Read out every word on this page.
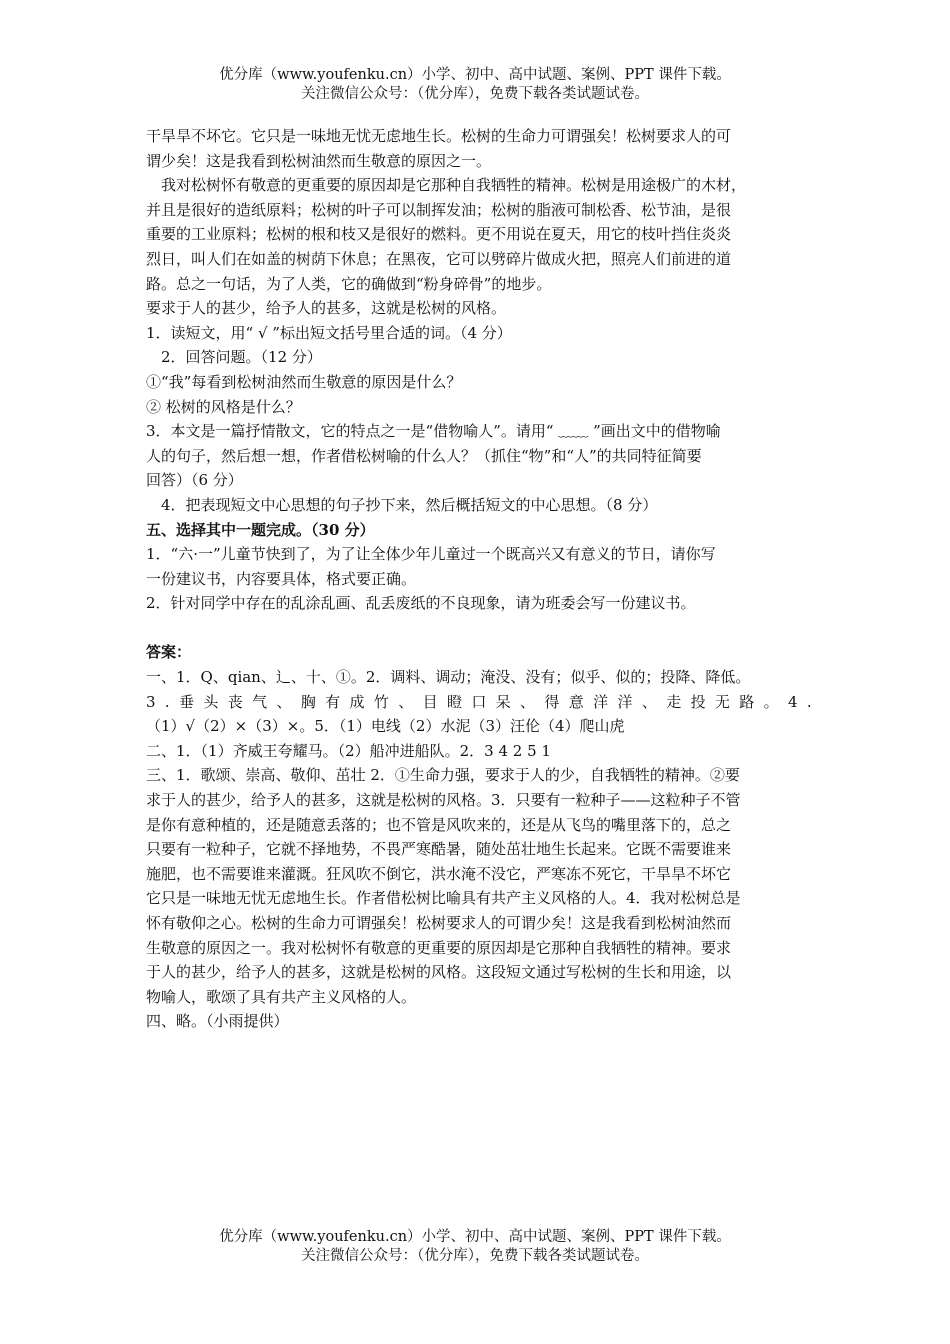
优分库（www.youfenku.cn）小学、初中、高中试题、案例、PPT 课件下载。
关注微信公众号：（优分库），免费下载各类试题试卷。

干旱旱不坏它。它只是一味地无忧无虑地生长。松树的生命力可谓强矣！松树要求人的可

谓少矣！这是我看到松树油然而生敬意的原因之一。

我对松树怀有敬意的更重要的原因却是它那种自我牺牲的精神。松树是用途极广的木材，

并且是很好的造纸原料；松树的叶子可以制挥发油；松树的脂液可制松香、松节油，是很

重要的工业原料；松树的根和枝又是很好的燃料。更不用说在夏天，用它的枝叶挡住炎炎

烈日，叫人们在如盖的树荫下休息；在黑夜，它可以劈碎片做成火把，照亮人们前进的道

路。总之一句话，为了人类，它的确做到“粉身碎骨”的地步。

要求于人的甚少，给予人的甚多，这就是松树的风格。

1．读短文，用“ √ ”标出短文括号里合适的词。（4 分）

2．回答问题。（12 分）

①“我”每看到松树油然而生敬意的原因是什么？

② 松树的风格是什么？

3．本文是一篇抒情散文，它的特点之一是“借物喻人”。请用“ ﹏﹏ ”画出文中的借物喻

人的句子，然后想一想，作者借松树喻的什么人？（抓住“物”和“人”的共同特征简要

回答）（6 分）

4．把表现短文中心思想的句子抄下来，然后概括短文的中心思想。（8 分）

五、选择其中一题完成。（30 分）

1．“六·一”儿童节快到了，为了让全体少年儿童过一个既高兴又有意义的节日，请你写

一份建议书，内容要具体，格式要正确。

2．针对同学中存在的乱涂乱画、乱丢废纸的不良现象，请为班委会写一份建议书。

答案：

一、1．Q、qian、⻌、十、①。2．调料、调动；淹没、没有；似乎、似的；投降、降低。

3 . 垂 头 丧 气 、 胸 有 成 竹 、 目 瞪 口 呆 、 得 意 洋 洋 、 走 投 无 路 。 4 .

（1）√（2）×（3）×。5．（1）电线（2）水泥（3）汪伦（4）爬山虎

二、1．（1）齐威王夸耀马。（2）船冲进船队。2．3 4 2 5 1

三、1．歌颂、崇高、敬仰、茁壮 2．①生命力强，要求于人的少，自我牺牲的精神。②要

求于人的甚少，给予人的甚多，这就是松树的风格。3．只要有一粒种子——这粒种子不管

是你有意种植的，还是随意丢落的；也不管是风吹来的，还是从飞鸟的嘴里落下的，总之

只要有一粒种子，它就不择地势，不畏严寒酷暑，随处茁壮地生长起来。它既不需要谁来

施肥，也不需要谁来灌溉。狂风吹不倒它，洪水淹不没它，严寒冻不死它，干旱旱不坏它

它只是一味地无忧无虑地生长。作者借松树比喻具有共产主义风格的人。4．我对松树总是

怀有敬仰之心。松树的生命力可谓强矣！松树要求人的可谓少矣！这是我看到松树油然而

生敬意的原因之一。我对松树怀有敬意的更重要的原因却是它那种自我牺牲的精神。要求

于人的甚少，给予人的甚多，这就是松树的风格。这段短文通过写松树的生长和用途，以

物喻人，歌颂了具有共产主义风格的人。

四、略。（小雨提供）

优分库（www.youfenku.cn）小学、初中、高中试题、案例、PPT 课件下载。
关注微信公众号：（优分库），免费下载各类试题试卷。
